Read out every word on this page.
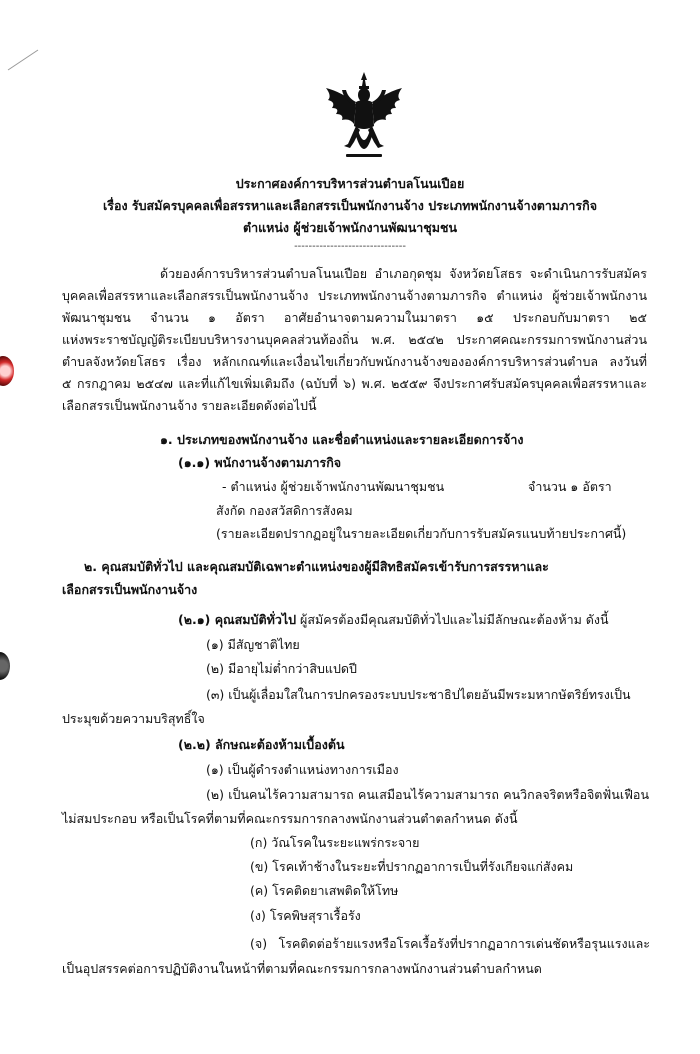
ประกาศองค์การบริหารส่วนตำบลโนนเปือย
เรื่อง รับสมัครบุคคลเพื่อสรรหาและเลือกสรรเป็นพนักงานจ้าง ประเภทพนักงานจ้างตามภารกิจ
ตำแหน่ง ผู้ช่วยเจ้าพนักงานพัฒนาชุมชน
-------------------------------
ด้วยองค์การบริหารส่วนตำบลโนนเปือย อำเภอกุดชุม จังหวัดยโสธร จะดำเนินการรับสมัคร
บุคคลเพื่อสรรหาและเลือกสรรเป็นพนักงานจ้าง ประเภทพนักงานจ้างตามภารกิจ ตำแหน่ง ผู้ช่วยเจ้าพนักงาน
พัฒนาชุมชน จำนวน ๑ อัตรา อาศัยอำนาจตามความในมาตรา ๑๕ ประกอบกับมาตรา ๒๕
แห่งพระราชบัญญัติระเบียบบริหารงานบุคคลส่วนท้องถิ่น พ.ศ. ๒๕๔๒ ประกาศคณะกรรมการพนักงานส่วน
ตำบลจังหวัดยโสธร เรื่อง หลักเกณฑ์และเงื่อนไขเกี่ยวกับพนักงานจ้างขององค์การบริหารส่วนตำบล ลงวันที่
๕ กรกฎาคม ๒๕๔๗ และที่แก้ไขเพิ่มเติมถึง (ฉบับที่ ๖) พ.ศ. ๒๕๕๙ จึงประกาศรับสมัครบุคคลเพื่อสรรหาและ
เลือกสรรเป็นพนักงานจ้าง รายละเอียดดังต่อไปนี้
๑. ประเภทของพนักงานจ้าง และชื่อตำแหน่งและรายละเอียดการจ้าง
(๑.๑) พนักงานจ้างตามภารกิจ
- ตำแหน่ง ผู้ช่วยเจ้าพนักงานพัฒนาชุมชน	จำนวน ๑ อัตรา
สังกัด กองสวัสดิการสังคม
(รายละเอียดปรากฏอยู่ในรายละเอียดเกี่ยวกับการรับสมัครแนบท้ายประกาศนี้)
๒. คุณสมบัติทั่วไป และคุณสมบัติเฉพาะตำแหน่งของผู้มีสิทธิสมัครเข้ารับการสรรหาและ
เลือกสรรเป็นพนักงานจ้าง
(๒.๑) คุณสมบัติทั่วไป ผู้สมัครต้องมีคุณสมบัติทั่วไปและไม่มีลักษณะต้องห้าม ดังนี้
(๑) มีสัญชาติไทย
(๒) มีอายุไม่ต่ำกว่าสิบแปดปี
(๓) เป็นผู้เลื่อมใสในการปกครองระบบประชาธิปไตยอันมีพระมหากษัตริย์ทรงเป็น
ประมุขด้วยความบริสุทธิ์ใจ
(๒.๒) ลักษณะต้องห้ามเบื้องต้น
(๑) เป็นผู้ดำรงตำแหน่งทางการเมือง
(๒) เป็นคนไร้ความสามารถ คนเสมือนไร้ความสามารถ คนวิกลจริตหรือจิตฟั่นเฟือน
ไม่สมประกอบ หรือเป็นโรคที่ตามที่คณะกรรมการกลางพนักงานส่วนตำตลกำหนด ดังนี้
(ก) วัณโรคในระยะแพร่กระจาย
(ข) โรคเท้าช้างในระยะที่ปรากฏอาการเป็นที่รังเกียจแก่สังคม
(ค) โรคติดยาเสพติดให้โทษ
(ง) โรคพิษสุราเรื้อรัง
(จ) โรคติดต่อร้ายแรงหรือโรคเรื้อรังที่ปรากฏอาการเด่นชัดหรือรุนแรงและ
เป็นอุปสรรคต่อการปฏิบัติงานในหน้าที่ตามที่คณะกรรมการกลางพนักงานส่วนตำบลกำหนด
